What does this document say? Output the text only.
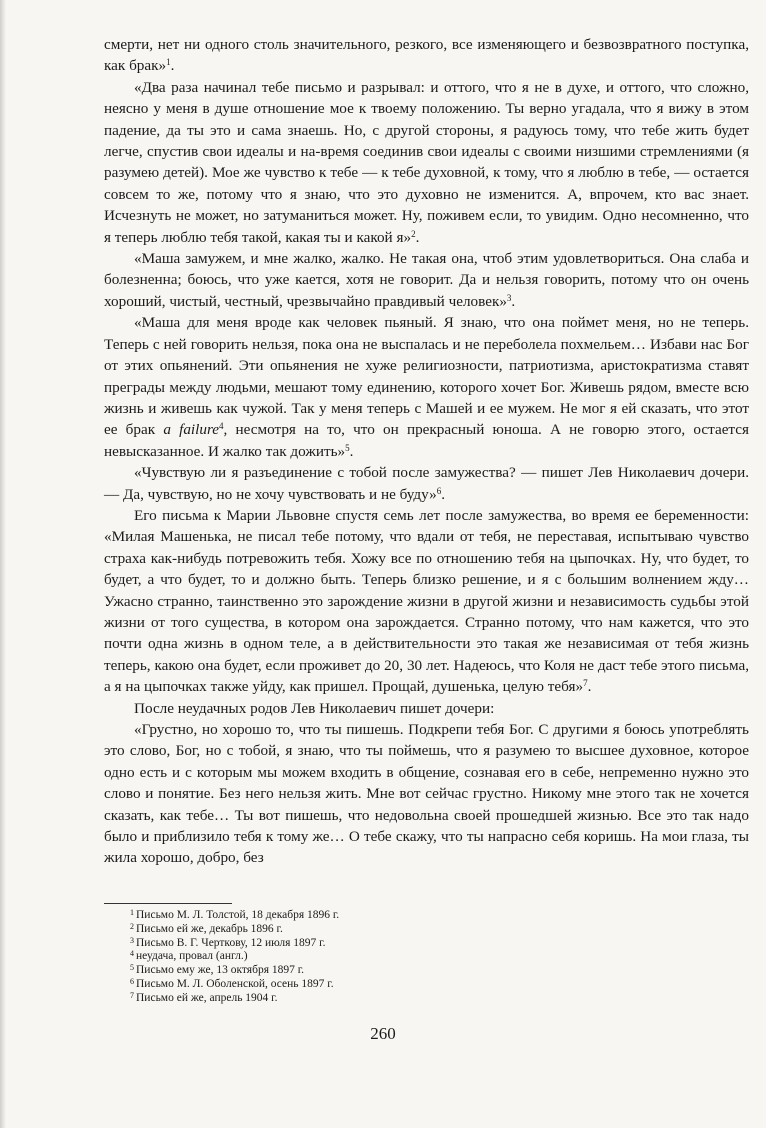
смерти, нет ни одного столь значительного, резкого, все изменяющего и безвозвратного поступка, как брак»$^1$.

«Два раза начинал тебе письмо и разрывал: и оттого, что я не в духе, и оттого, что сложно, неясно у меня в душе отношение мое к твоему положению. Ты верно угадала, что я вижу в этом падение, да ты это и сама знаешь. Но, с другой стороны, я радуюсь тому, что тебе жить будет легче, спустив свои идеалы и на-время соединив свои идеалы с своими низшими стремлениями (я разумею детей). Мое же чувство к тебе — к тебе духовной, к тому, что я люблю в тебе, — остается совсем то же, потому что я знаю, что это духовно не изменится. А, впрочем, кто вас знает. Исчезнуть не может, но затуманиться может. Ну, поживем если, то увидим. Одно несомненно, что я теперь люблю тебя такой, какая ты и какой я»$^2$.

«Маша замужем, и мне жалко, жалко. Не такая она, чтоб этим удовлетвориться. Она слаба и болезненна; боюсь, что уже кается, хотя не говорит. Да и нельзя говорить, потому что он очень хороший, чистый, честный, чрезвычайно правдивый человек»$^3$.

«Маша для меня вроде как человек пьяный. Я знаю, что она поймет меня, но не теперь. Теперь с ней говорить нельзя, пока она не выспалась и не переболела похмельем… Избави нас Бог от этих опьянений. Эти опьянения не хуже религиозности, патриотизма, аристократизма ставят преграды между людьми, мешают тому единению, которого хочет Бог. Живешь рядом, вместе всю жизнь и живешь как чужой. Так у меня теперь с Машей и ее мужем. Не мог я ей сказать, что этот ее брак a failure$^4$, несмотря на то, что он прекрасный юноша. А не говорю этого, остается невысказанное. И жалко так дожить»$^5$.

«Чувствую ли я разъединение с тобой после замужества? — пишет Лев Николаевич дочери. — Да, чувствую, но не хочу чувствовать и не буду»$^6$.

Его письма к Марии Львовне спустя семь лет после замужества, во время ее беременности: «Милая Машенька, не писал тебе потому, что вдали от тебя, не переставая, испытываю чувство страха как-нибудь потревожить тебя. Хожу все по отношению тебя на цыпочках. Ну, что будет, то будет, а что будет, то и должно быть. Теперь близко решение, и я с большим волнением жду… Ужасно странно, таинственно это зарождение жизни в другой жизни и независимость судьбы этой жизни от того существа, в котором она зарождается. Странно потому, что нам кажется, что это почти одна жизнь в одном теле, а в действительности это такая же независимая от тебя жизнь теперь, какою она будет, если проживет до 20, 30 лет. Надеюсь, что Коля не даст тебе этого письма, а я на цыпочках также уйду, как пришел. Прощай, душенька, целую тебя»$^7$.

После неудачных родов Лев Николаевич пишет дочери:

«Грустно, но хорошо то, что ты пишешь. Подкрепи тебя Бог. С другими я боюсь употреблять это слово, Бог, но с тобой, я знаю, что ты поймешь, что я разумею то высшее духовное, которое одно есть и с которым мы можем входить в общение, сознавая его в себе, непременно нужно это слово и понятие. Без него нельзя жить. Мне вот сейчас грустно. Никому мне этого так не хочется сказать, как тебе… Ты вот пишешь, что недовольна своей прошедшей жизнью. Все это так надо было и приблизило тебя к тому же… О тебе скажу, что ты напрасно себя коришь. На мои глаза, ты жила хорошо, добро, без

1 Письмо М. Л. Толстой, 18 декабря 1896 г.
2 Письмо ей же, декабрь 1896 г.
3 Письмо В. Г. Черткову, 12 июля 1897 г.
4 неудача, провал (англ.)
5 Письмо ему же, 13 октября 1897 г.
6 Письмо М. Л. Оболенской, осень 1897 г.
7 Письмо ей же, апрель 1904 г.
260
